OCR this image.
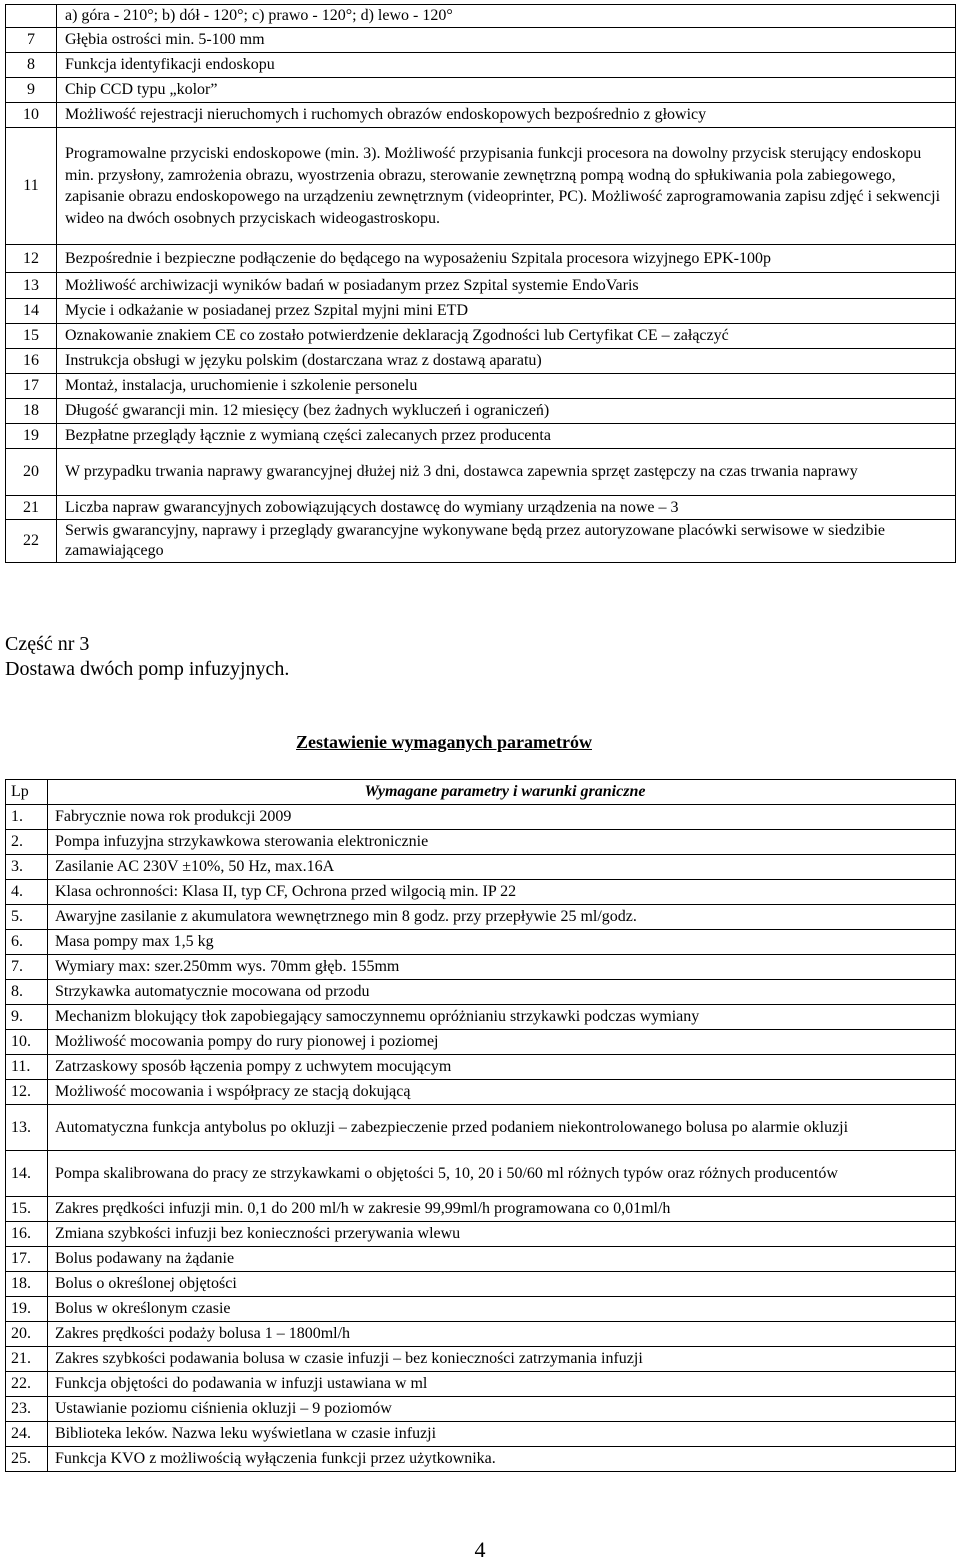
	a) góra - 210°; b) dół - 120°; c) prawo - 120°; d) lewo - 120°
7	Głębia ostrości min. 5-100 mm
8	Funkcja identyfikacji endoskopu
9	Chip CCD typu „kolor”
10	Możliwość rejestracji nieruchomych i ruchomych obrazów endoskopowych bezpośrednio z głowicy
11	Programowalne przyciski endoskopowe (min. 3). Możliwość przypisania funkcji procesora na dowolny przycisk sterujący endoskopu min. przysłony, zamrożenia obrazu, wyostrzenia obrazu, sterowanie zewnętrzną pompą wodną do spłukiwania pola zabiegowego, zapisanie obrazu endoskopowego na urządzeniu zewnętrznym (videoprinter, PC). Możliwość zaprogramowania zapisu zdjęć i sekwencji wideo na dwóch osobnych przyciskach wideogastroskopu.
12	Bezpośrednie i bezpieczne podłączenie do będącego na wyposażeniu Szpitala procesora wizyjnego EPK-100p
13	Możliwość archiwizacji wyników badań w posiadanym przez Szpital systemie EndoVaris
14	Mycie i odkażanie w posiadanej przez Szpital myjni mini ETD
15	Oznakowanie znakiem CE co zostało potwierdzenie deklaracją Zgodności lub Certyfikat CE – załączyć
16	Instrukcja obsługi w języku polskim (dostarczana wraz z dostawą aparatu)
17	Montaż, instalacja, uruchomienie i szkolenie personelu
18	Długość gwarancji min. 12 miesięcy (bez żadnych wykluczeń i ograniczeń)
19	Bezpłatne przeglądy łącznie z wymianą części zalecanych przez producenta
20	W przypadku trwania naprawy gwarancyjnej dłużej niż 3 dni, dostawca zapewnia sprzęt zastępczy na czas trwania naprawy
21	Liczba napraw gwarancyjnych zobowiązujących dostawcę do wymiany urządzenia na nowe – 3
22	Serwis gwarancyjny, naprawy i przeglądy gwarancyjne wykonywane będą przez autoryzowane placówki serwisowe w siedzibie zamawiającego
Część nr 3
Dostawa dwóch pomp infuzyjnych.
Zestawienie wymaganych parametrów
Lp	Wymagane parametry i warunki graniczne
1.	Fabrycznie nowa rok produkcji 2009
2.	Pompa infuzyjna strzykawkowa sterowania elektronicznie
3.	Zasilanie AC 230V ±10%, 50 Hz, max.16A
4.	Klasa ochronności: Klasa II, typ CF, Ochrona przed wilgocią min. IP 22
5.	Awaryjne zasilanie z akumulatora wewnętrznego min 8 godz. przy przepływie 25 ml/godz.
6.	Masa pompy max 1,5 kg
7.	Wymiary max: szer.250mm wys. 70mm głęb. 155mm
8.	Strzykawka automatycznie mocowana od przodu
9.	Mechanizm blokujący tłok zapobiegający samoczynnemu opróżnianiu strzykawki podczas wymiany
10.	Możliwość mocowania pompy do rury pionowej i poziomej
11.	Zatrzaskowy sposób łączenia pompy z uchwytem mocującym
12.	Możliwość mocowania i współpracy ze stacją dokującą
13.	Automatyczna funkcja antybolus po okluzji – zabezpieczenie przed podaniem niekontrolowanego bolusa po alarmie okluzji
14.	Pompa skalibrowana do pracy ze strzykawkami o objętości 5, 10, 20 i 50/60 ml różnych typów oraz różnych producentów
15.	Zakres prędkości infuzji min. 0,1 do 200 ml/h w zakresie 99,99ml/h programowana co 0,01ml/h
16.	Zmiana szybkości infuzji bez konieczności przerywania wlewu
17.	Bolus podawany na żądanie
18.	Bolus o określonej objętości
19.	Bolus w określonym czasie
20.	Zakres prędkości podaży bolusa 1 – 1800ml/h
21.	Zakres szybkości podawania bolusa w czasie infuzji – bez konieczności zatrzymania infuzji
22.	Funkcja objętości do podawania w infuzji ustawiana w ml
23.	Ustawianie poziomu ciśnienia okluzji – 9 poziomów
24.	Biblioteka leków. Nazwa leku wyświetlana w czasie infuzji
25.	Funkcja KVO z możliwością wyłączenia funkcji przez użytkownika.
4
